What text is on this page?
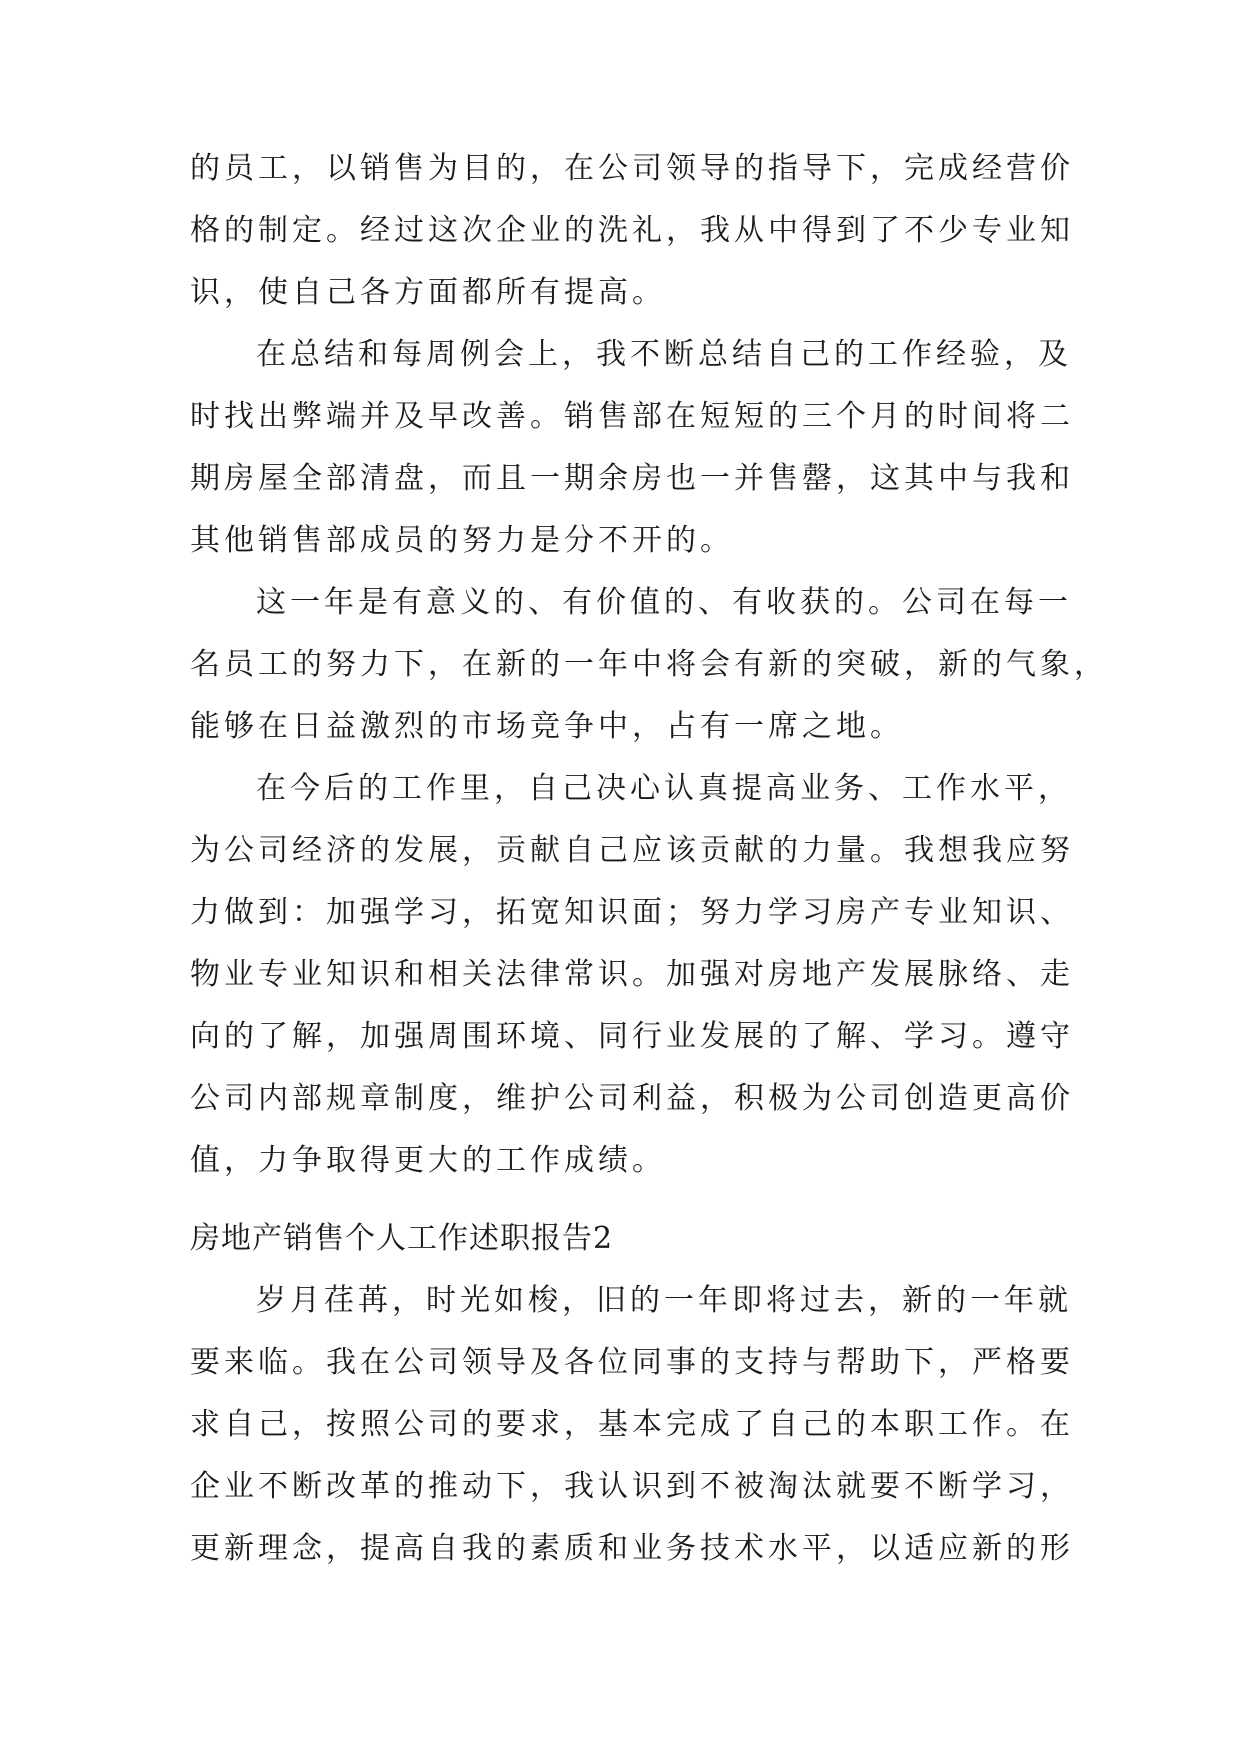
的员工，以销售为目的，在公司领导的指导下，完成经营价
格的制定。经过这次企业的洗礼，我从中得到了不少专业知
识，使自己各方面都所有提高。
在总结和每周例会上，我不断总结自己的工作经验，及
时找出弊端并及早改善。销售部在短短的三个月的时间将二
期房屋全部清盘，而且一期余房也一并售罄，这其中与我和
其他销售部成员的努力是分不开的。
这一年是有意义的、有价值的、有收获的。公司在每一
名员工的努力下，在新的一年中将会有新的突破，新的气象，
能够在日益激烈的市场竞争中，占有一席之地。
在今后的工作里，自己决心认真提高业务、工作水平，
为公司经济的发展，贡献自己应该贡献的力量。我想我应努
力做到：加强学习，拓宽知识面；努力学习房产专业知识、
物业专业知识和相关法律常识。加强对房地产发展脉络、走
向的了解，加强周围环境、同行业发展的了解、学习。遵守
公司内部规章制度，维护公司利益，积极为公司创造更高价
值，力争取得更大的工作成绩。
房地产销售个人工作述职报告2
岁月荏苒，时光如梭，旧的一年即将过去，新的一年就
要来临。我在公司领导及各位同事的支持与帮助下，严格要
求自己，按照公司的要求，基本完成了自己的本职工作。在
企业不断改革的推动下，我认识到不被淘汰就要不断学习，
更新理念，提高自我的素质和业务技术水平，以适应新的形
